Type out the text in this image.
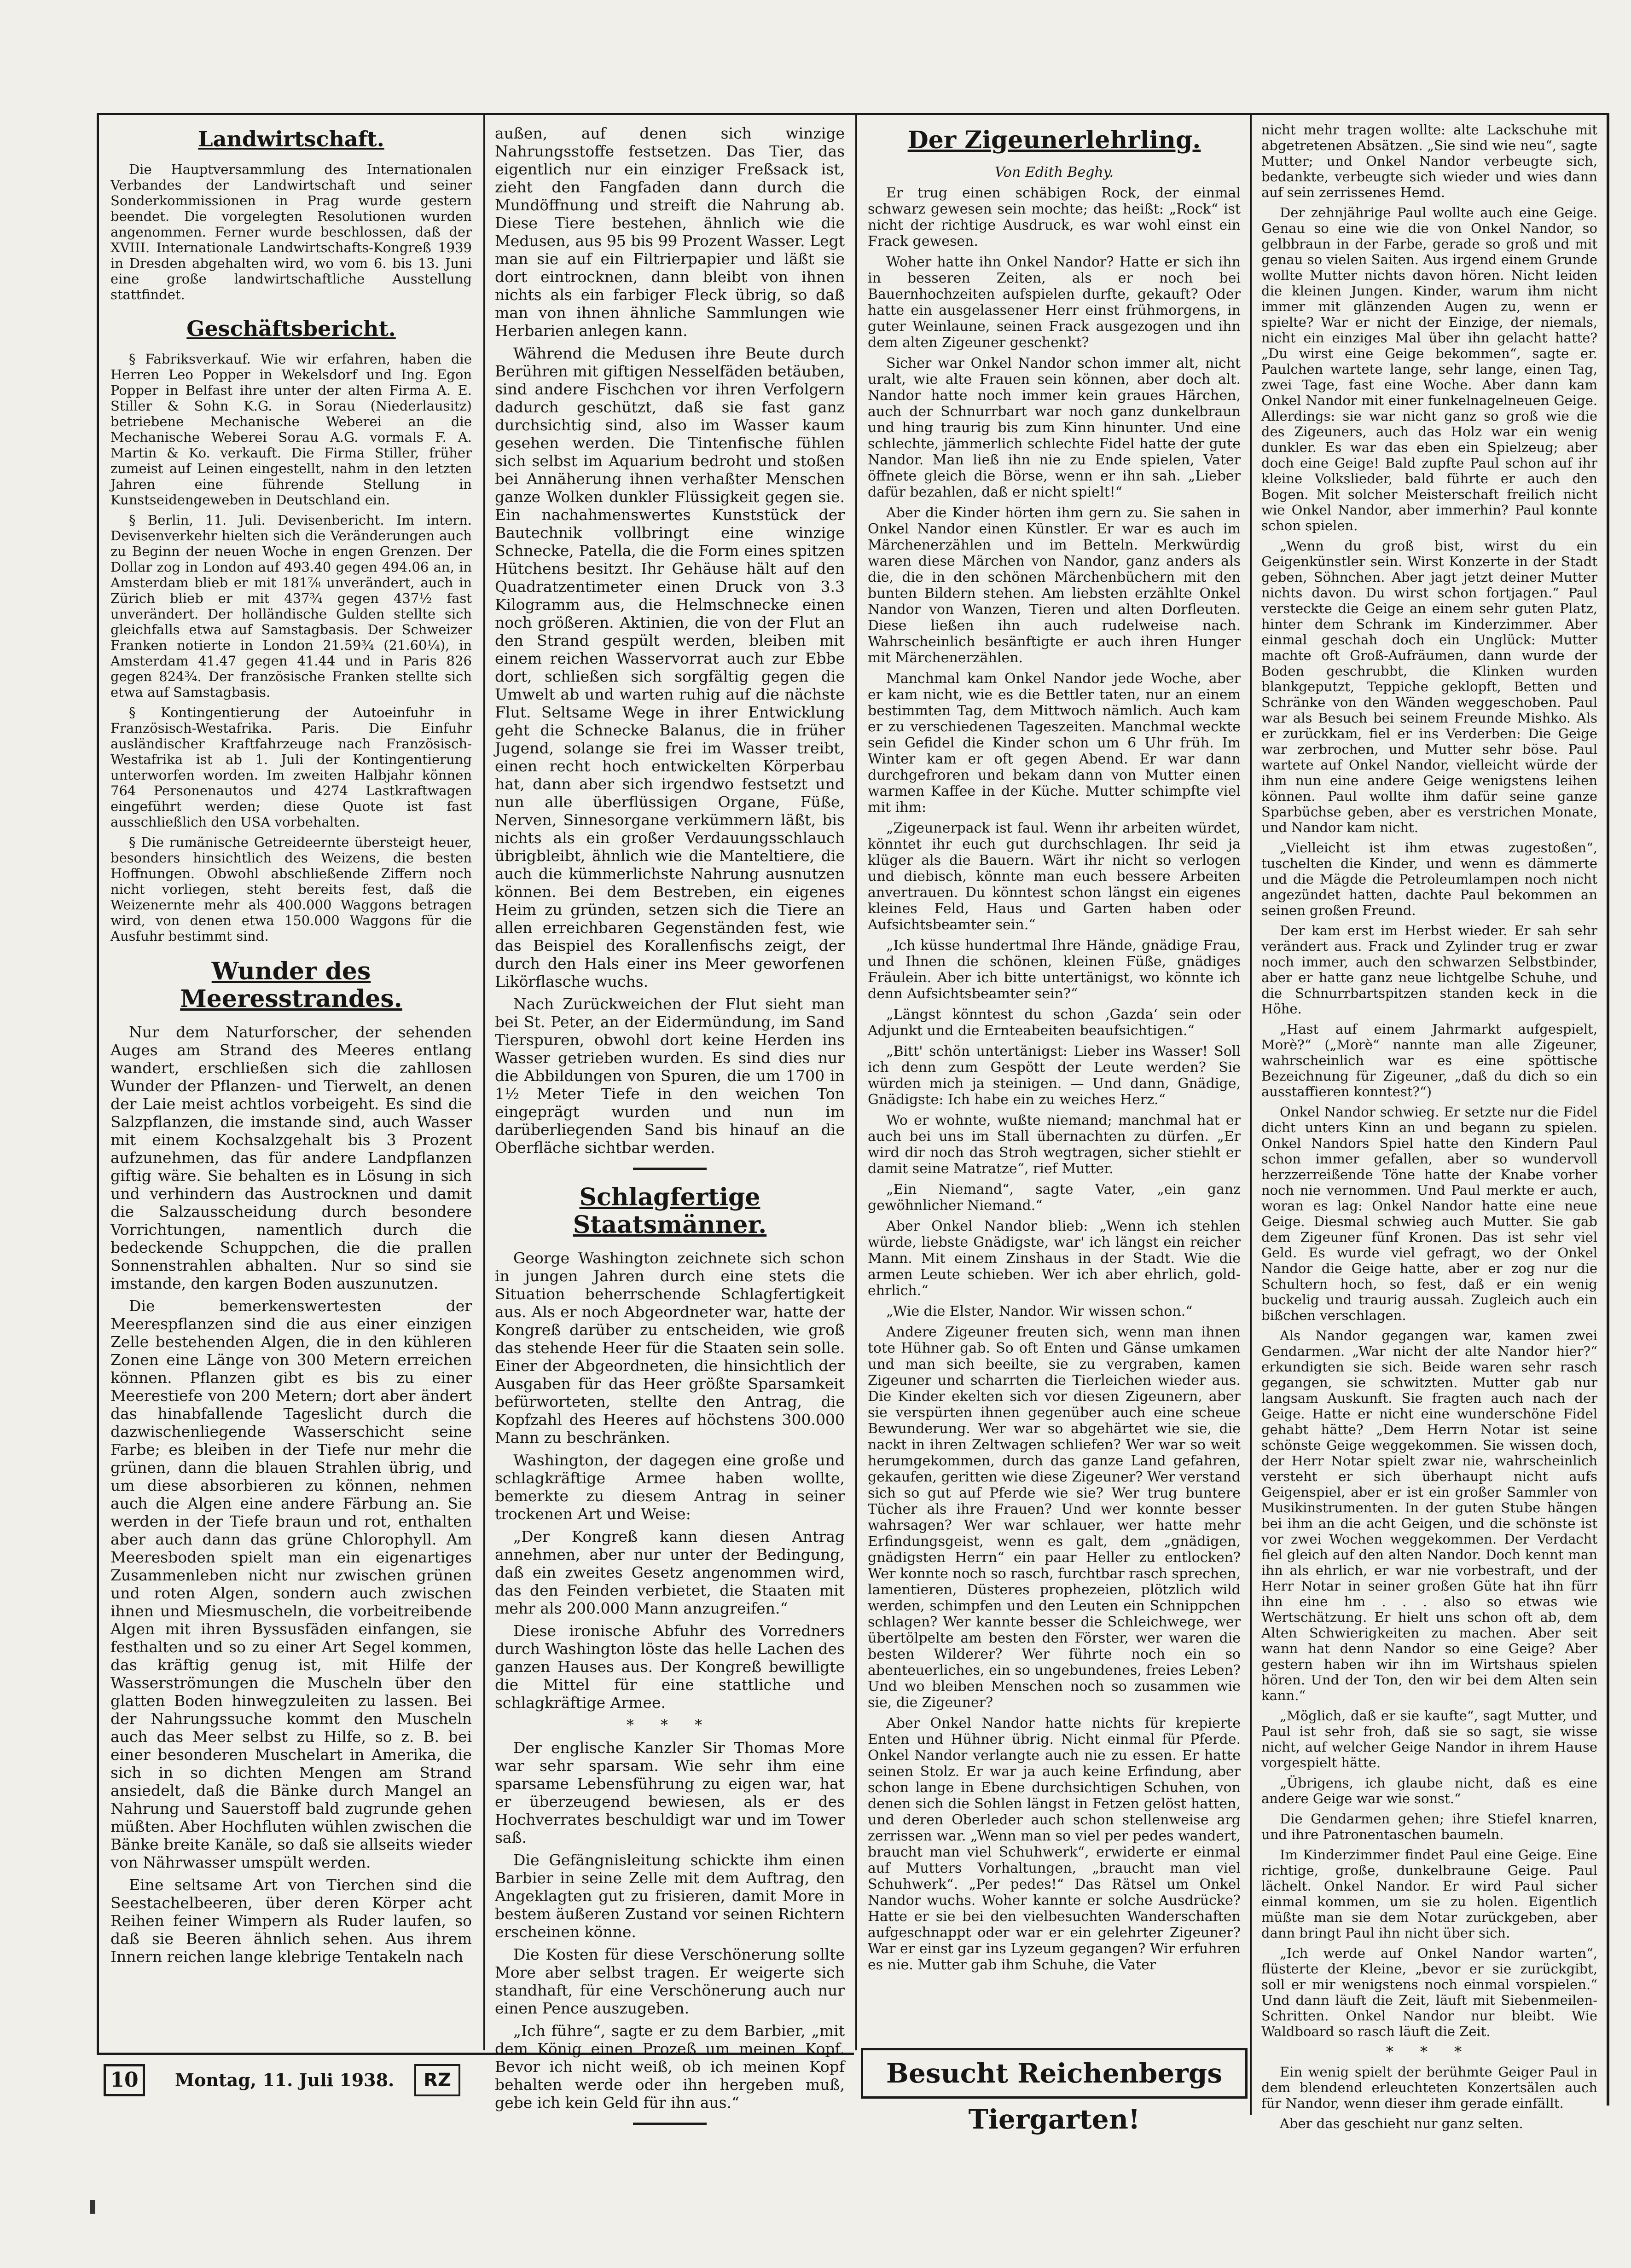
Landwirtschaft.

Die Hauptversammlung des Internationalen Verbandes der Landwirtschaft und seiner Sonderkommissionen in Prag wurde gestern beendet. Die vorgelegten Resolutionen wurden angenommen. Ferner wurde beschlossen, daß der XVIII. Internationale Landwirtschafts-Kongreß 1939 in Dresden abgehalten wird, wo vom 6. bis 13. Juni eine große landwirtschaftliche Ausstellung stattfindet.

Geschäftsbericht.

§ Fabriksverkauf. Wie wir erfahren, haben die Herren Leo Popper in Wekelsdorf und Ing. Egon Popper in Belfast ihre unter der alten Firma A. E. Stiller & Sohn K.G. in Sorau (Niederlausitz) betriebene Mechanische Weberei an die Mechanische Weberei Sorau A.G. vormals F. A. Martin & Ko. verkauft. Die Firma Stiller, früher zumeist auf Leinen eingestellt, nahm in den letzten Jahren eine führende Stellung in Kunstseidengeweben in Deutschland ein.

§ Berlin, 11. Juli. Devisenbericht. Im intern. Devisenverkehr hielten sich die Veränderungen auch zu Beginn der neuen Woche in engen Grenzen. Der Dollar zog in London auf 493.40 gegen 494.06 an, in Amsterdam blieb er mit 181⅞ unverändert, auch in Zürich blieb er mit 437¾ gegen 437½ fast unverändert. Der holländische Gulden stellte sich gleichfalls etwa auf Samstagbasis. Der Schweizer Franken notierte in London 21.59¾ (21.60¼), in Amsterdam 41.47 gegen 41.44 und in Paris 826 gegen 824¾. Der französische Franken stellte sich etwa auf Samstagbasis.

§ Kontingentierung der Autoeinfuhr in Französisch-Westafrika. Paris. Die Einfuhr ausländischer Kraftfahrzeuge nach Französisch-Westafrika ist ab 1. Juli der Kontingentierung unterworfen worden. Im zweiten Halbjahr können 764 Personenautos und 4274 Lastkraftwagen eingeführt werden; diese Quote ist fast ausschließlich den USA vorbehalten.

§ Die rumänische Getreideernte übersteigt heuer, besonders hinsichtlich des Weizens, die besten Hoffnungen. Obwohl abschließende Ziffern noch nicht vorliegen, steht bereits fest, daß die Weizenernte mehr als 400.000 Waggons betragen wird, von denen etwa 150.000 Waggons für die Ausfuhr bestimmt sind.

Wunder des Meeresstrandes.

Nur dem Naturforscher, der sehenden Auges am Strand des Meeres entlang wandert, erschließen sich die zahllosen Wunder der Pflanzen- und Tierwelt, an denen der Laie meist achtlos vorbeigeht. Es sind die Salzpflanzen, die imstande sind, auch Wasser mit einem Kochsalzgehalt bis 3 Prozent aufzunehmen, das für andere Landpflanzen giftig wäre. Sie behalten es in Lösung in sich und verhindern das Austrocknen und damit die Salzausscheidung durch besondere Vorrichtungen, namentlich durch die bedeckende Schuppchen, die die prallen Sonnenstrahlen abhalten. Nur so sind sie imstande, den kargen Boden auszunutzen.

Die bemerkenswertesten der Meerespflanzen sind die aus einer einzigen Zelle bestehenden Algen, die in den kühleren Zonen eine Länge von 300 Metern erreichen können. Pflanzen gibt es bis zu einer Meerestiefe von 200 Metern; dort aber ändert das hinabfallende Tageslicht durch die dazwischenliegende Wasserschicht seine Farbe; es bleiben in der Tiefe nur mehr die grünen, dann die blauen Strahlen übrig, und um diese absorbieren zu können, nehmen auch die Algen eine andere Färbung an. Sie werden in der Tiefe braun und rot, enthalten aber auch dann das grüne Chlorophyll. Am Meeresboden spielt man ein eigenartiges Zusammenleben nicht nur zwischen grünen und roten Algen, sondern auch zwischen ihnen und Miesmuscheln, die vorbeitreibende Algen mit ihren Byssusfäden einfangen, sie festhalten und so zu einer Art Segel kommen, das kräftig genug ist, mit Hilfe der Wasserströmungen die Muscheln über den glatten Boden hinwegzuleiten zu lassen. Bei der Nahrungssuche kommt den Muscheln auch das Meer selbst zu Hilfe, so z. B. bei einer besonderen Muschelart in Amerika, die sich in so dichten Mengen am Strand ansiedelt, daß die Bänke durch Mangel an Nahrung und Sauerstoff bald zugrunde gehen müßten. Aber Hochfluten wühlen zwischen die Bänke breite Kanäle, so daß sie allseits wieder von Nährwasser umspült werden.

Eine seltsame Art von Tierchen sind die Seestachelbeeren, über deren Körper acht Reihen feiner Wimpern als Ruder laufen, so daß sie Beeren ähnlich sehen. Aus ihrem Innern reichen lange klebrige Tentakeln nach

außen, auf denen sich winzige Nahrungsstoffe festsetzen. Das Tier, das eigentlich nur ein einziger Freßsack ist, zieht den Fangfaden dann durch die Mundöffnung und streift die Nahrung ab. Diese Tiere bestehen, ähnlich wie die Medusen, aus 95 bis 99 Prozent Wasser. Legt man sie auf ein Filtrierpapier und läßt sie dort eintrocknen, dann bleibt von ihnen nichts als ein farbiger Fleck übrig, so daß man von ihnen ähnliche Sammlungen wie Herbarien anlegen kann.

Während die Medusen ihre Beute durch Berühren mit giftigen Nesselfäden betäuben, sind andere Fischchen vor ihren Verfolgern dadurch geschützt, daß sie fast ganz durchsichtig sind, also im Wasser kaum gesehen werden. Die Tintenfische fühlen sich selbst im Aquarium bedroht und stoßen bei Annäherung ihnen verhaßter Menschen ganze Wolken dunkler Flüssigkeit gegen sie. Ein nachahmenswertes Kunststück der Bautechnik vollbringt eine winzige Schnecke, Patella, die die Form eines spitzen Hütchens besitzt. Ihr Gehäuse hält auf den Quadratzentimeter einen Druck von 3.3 Kilogramm aus, die Helmschnecke einen noch größeren. Aktinien, die von der Flut an den Strand gespült werden, bleiben mit einem reichen Wasservorrat auch zur Ebbe dort, schließen sich sorgfältig gegen die Umwelt ab und warten ruhig auf die nächste Flut. Seltsame Wege in ihrer Entwicklung geht die Schnecke Balanus, die in früher Jugend, solange sie frei im Wasser treibt, einen recht hoch entwickelten Körperbau hat, dann aber sich irgendwo festsetzt und nun alle überflüssigen Organe, Füße, Nerven, Sinnesorgane verkümmern läßt, bis nichts als ein großer Verdauungsschlauch übrigbleibt, ähnlich wie die Manteltiere, die auch die kümmerlichste Nahrung ausnutzen können. Bei dem Bestreben, ein eigenes Heim zu gründen, setzen sich die Tiere an allen erreichbaren Gegenständen fest, wie das Beispiel des Korallenfischs zeigt, der durch den Hals einer ins Meer geworfenen Likörflasche wuchs.

Nach Zurückweichen der Flut sieht man bei St. Peter, an der Eidermündung, im Sand Tierspuren, obwohl dort keine Herden ins Wasser getrieben wurden. Es sind dies nur die Abbildungen von Spuren, die um 1700 in 1½ Meter Tiefe in den weichen Ton eingeprägt wurden und nun im darüberliegenden Sand bis hinauf an die Oberfläche sichtbar werden.

Schlagfertige Staatsmänner.

George Washington zeichnete sich schon in jungen Jahren durch eine stets die Situation beherrschende Schlagfertigkeit aus. Als er noch Abgeordneter war, hatte der Kongreß darüber zu entscheiden, wie groß das stehende Heer für die Staaten sein solle. Einer der Abgeordneten, die hinsichtlich der Ausgaben für das Heer größte Sparsamkeit befürworteten, stellte den Antrag, die Kopfzahl des Heeres auf höchstens 300.000 Mann zu beschränken.

Washington, der dagegen eine große und schlagkräftige Armee haben wollte, bemerkte zu diesem Antrag in seiner trockenen Art und Weise:

„Der Kongreß kann diesen Antrag annehmen, aber nur unter der Bedingung, daß ein zweites Gesetz angenommen wird, das den Feinden verbietet, die Staaten mit mehr als 200.000 Mann anzugreifen.“

Diese ironische Abfuhr des Vorredners durch Washington löste das helle Lachen des ganzen Hauses aus. Der Kongreß bewilligte die Mittel für eine stattliche und schlagkräftige Armee.

* * *

Der englische Kanzler Sir Thomas More war sehr sparsam. Wie sehr ihm eine sparsame Lebensführung zu eigen war, hat er überzeugend bewiesen, als er des Hochverrates beschuldigt war und im Tower saß.

Die Gefängnisleitung schickte ihm einen Barbier in seine Zelle mit dem Auftrag, den Angeklagten gut zu frisieren, damit More in bestem äußeren Zustand vor seinen Richtern erscheinen könne.

Die Kosten für diese Verschönerung sollte More aber selbst tragen. Er weigerte sich standhaft, für eine Verschönerung auch nur einen Pence auszugeben.

„Ich führe“, sagte er zu dem Barbier, „mit dem König einen Prozeß um meinen Kopf. Bevor ich nicht weiß, ob ich meinen Kopf behalten werde oder ihn hergeben muß, gebe ich kein Geld für ihn aus.“

Der Zigeunerlehrling.

Von Edith Beghy.

Er trug einen schäbigen Rock, der einmal schwarz gewesen sein mochte; das heißt: „Rock“ ist nicht der richtige Ausdruck, es war wohl einst ein Frack gewesen.

Woher hatte ihn Onkel Nandor? Hatte er sich ihn in besseren Zeiten, als er noch bei Bauernhochzeiten aufspielen durfte, gekauft? Oder hatte ein ausgelassener Herr einst frühmorgens, in guter Weinlaune, seinen Frack ausgezogen und ihn dem alten Zigeuner geschenkt?

Sicher war Onkel Nandor schon immer alt, nicht uralt, wie alte Frauen sein können, aber doch alt. Nandor hatte noch immer kein graues Härchen, auch der Schnurrbart war noch ganz dunkelbraun und hing traurig bis zum Kinn hinunter. Und eine schlechte, jämmerlich schlechte Fidel hatte der gute Nandor. Man ließ ihn nie zu Ende spielen, Vater öffnete gleich die Börse, wenn er ihn sah. „Lieber dafür bezahlen, daß er nicht spielt!“

Aber die Kinder hörten ihm gern zu. Sie sahen in Onkel Nandor einen Künstler. Er war es auch im Märchenerzählen und im Betteln. Merkwürdig waren diese Märchen von Nandor, ganz anders als die, die in den schönen Märchenbüchern mit den bunten Bildern stehen. Am liebsten erzählte Onkel Nandor von Wanzen, Tieren und alten Dorfleuten. Diese ließen ihn auch rudelweise nach. Wahrscheinlich besänftigte er auch ihren Hunger mit Märchenerzählen.

Manchmal kam Onkel Nandor jede Woche, aber er kam nicht, wie es die Bettler taten, nur an einem bestimmten Tag, dem Mittwoch nämlich. Auch kam er zu verschiedenen Tageszeiten. Manchmal weckte sein Gefidel die Kinder schon um 6 Uhr früh. Im Winter kam er oft gegen Abend. Er war dann durchgefroren und bekam dann von Mutter einen warmen Kaffee in der Küche. Mutter schimpfte viel mit ihm:

„Zigeunerpack ist faul. Wenn ihr arbeiten würdet, könntet ihr euch gut durchschlagen. Ihr seid ja klüger als die Bauern. Wärt ihr nicht so verlogen und diebisch, könnte man euch bessere Arbeiten anvertrauen. Du könntest schon längst ein eigenes kleines Feld, Haus und Garten haben oder Aufsichtsbeamter sein.“

„Ich küsse hundertmal Ihre Hände, gnädige Frau, und Ihnen die schönen, kleinen Füße, gnädiges Fräulein. Aber ich bitte untertänigst, wo könnte ich denn Aufsichtsbeamter sein?“

„Längst könntest du schon ‚Gazda‘ sein oder Adjunkt und die Ernteabeiten beaufsichtigen.“

„Bitt' schön untertänigst: Lieber ins Wasser! Soll ich denn zum Gespött der Leute werden? Sie würden mich ja steinigen. — Und dann, Gnädige, Gnädigste: Ich habe ein zu weiches Herz.“

Wo er wohnte, wußte niemand; manchmal hat er auch bei uns im Stall übernachten zu dürfen. „Er wird dir noch das Stroh wegtragen, sicher stiehlt er damit seine Matratze“, rief Mutter.

„Ein Niemand“, sagte Vater, „ein ganz gewöhnlicher Niemand.“

Aber Onkel Nandor blieb: „Wenn ich stehlen würde, liebste Gnädigste, war' ich längst ein reicher Mann. Mit einem Zinshaus in der Stadt. Wie die armen Leute schieben. Wer ich aber ehrlich, gold-ehrlich.“

„Wie die Elster, Nandor. Wir wissen schon.“

Andere Zigeuner freuten sich, wenn man ihnen tote Hühner gab. So oft Enten und Gänse umkamen und man sich beeilte, sie zu vergraben, kamen Zigeuner und scharrten die Tierleichen wieder aus. Die Kinder ekelten sich vor diesen Zigeunern, aber sie verspürten ihnen gegenüber auch eine scheue Bewunderung. Wer war so abgehärtet wie sie, die nackt in ihren Zeltwagen schliefen? Wer war so weit herumgekommen, durch das ganze Land gefahren, gekaufen, geritten wie diese Zigeuner? Wer verstand sich so gut auf Pferde wie sie? Wer trug buntere Tücher als ihre Frauen? Und wer konnte besser wahrsagen? Wer war schlauer, wer hatte mehr Erfindungsgeist, wenn es galt, dem „gnädigen, gnädigsten Herrn“ ein paar Heller zu entlocken? Wer konnte noch so rasch, furchtbar rasch sprechen, lamentieren, Düsteres prophezeien, plötzlich wild werden, schimpfen und den Leuten ein Schnippchen schlagen? Wer kannte besser die Schleichwege, wer übertölpelte am besten den Förster, wer waren die besten Wilderer? Wer führte noch ein so abenteuerliches, ein so ungebundenes, freies Leben? Und wo bleiben Menschen noch so zusammen wie sie, die Zigeuner?

Aber Onkel Nandor hatte nichts für krepierte Enten und Hühner übrig. Nicht einmal für Pferde. Onkel Nandor verlangte auch nie zu essen. Er hatte seinen Stolz. Er war ja auch keine Erfindung, aber schon lange in Ebene durchsichtigen Schuhen, von denen sich die Sohlen längst in Fetzen gelöst hatten, und deren Oberleder auch schon stellenweise arg zerrissen war. „Wenn man so viel per pedes wandert, braucht man viel Schuhwerk“, erwiderte er einmal auf Mutters Vorhaltungen, „braucht man viel Schuhwerk“. „Per pedes!“ Das Rätsel um Onkel Nandor wuchs. Woher kannte er solche Ausdrücke? Hatte er sie bei den vielbesuchten Wanderschaften aufgeschnappt oder war er ein gelehrter Zigeuner? War er einst gar ins Lyzeum gegangen? Wir erfuhren es nie. Mutter gab ihm Schuhe, die Vater

nicht mehr tragen wollte: alte Lackschuhe mit abgetretenen Absätzen. „Sie sind wie neu“, sagte Mutter; und Onkel Nandor verbeugte sich, bedankte, verbeugte sich wieder und wies dann auf sein zerrissenes Hemd.

Der zehnjährige Paul wollte auch eine Geige. Genau so eine wie die von Onkel Nandor, so gelbbraun in der Farbe, gerade so groß und mit genau so vielen Saiten. Aus irgend einem Grunde wollte Mutter nichts davon hören. Nicht leiden die kleinen Jungen. Kinder, warum ihm nicht immer mit glänzenden Augen zu, wenn er spielte? War er nicht der Einzige, der niemals, nicht ein einziges Mal über ihn gelacht hatte? „Du wirst eine Geige bekommen“, sagte er. Paulchen wartete lange, sehr lange, einen Tag, zwei Tage, fast eine Woche. Aber dann kam Onkel Nandor mit einer funkelnagelneuen Geige. Allerdings: sie war nicht ganz so groß wie die des Zigeuners, auch das Holz war ein wenig dunkler. Es war das eben ein Spielzeug; aber doch eine Geige! Bald zupfte Paul schon auf ihr kleine Volkslieder, bald führte er auch den Bogen. Mit solcher Meisterschaft freilich nicht wie Onkel Nandor, aber immerhin? Paul konnte schon spielen.

„Wenn du groß bist, wirst du ein Geigenkünstler sein. Wirst Konzerte in der Stadt geben, Söhnchen. Aber jagt jetzt deiner Mutter nichts davon. Du wirst schon fortjagen.“ Paul versteckte die Geige an einem sehr guten Platz, hinter dem Schrank im Kinderzimmer. Aber einmal geschah doch ein Unglück: Mutter machte oft Groß-Aufräumen, dann wurde der Boden geschrubbt, die Klinken wurden blankgeputzt, Teppiche geklopft, Betten und Schränke von den Wänden weggeschoben. Paul war als Besuch bei seinem Freunde Mishko. Als er zurückkam, fiel er ins Verderben: Die Geige war zerbrochen, und Mutter sehr böse. Paul wartete auf Onkel Nandor, vielleicht würde der ihm nun eine andere Geige wenigstens leihen können. Paul wollte ihm dafür seine ganze Sparbüchse geben, aber es verstrichen Monate, und Nandor kam nicht.

„Vielleicht ist ihm etwas zugestoßen“, tuschelten die Kinder, und wenn es dämmerte und die Mägde die Petroleumlampen noch nicht angezündet hatten, dachte Paul bekommen an seinen großen Freund.

Der kam erst im Herbst wieder. Er sah sehr verändert aus. Frack und Zylinder trug er zwar noch immer, auch den schwarzen Selbstbinder, aber er hatte ganz neue lichtgelbe Schuhe, und die Schnurrbartspitzen standen keck in die Höhe.

„Hast auf einem Jahrmarkt aufgespielt, Morè?“ („Morè“ nannte man alle Zigeuner, wahrscheinlich war es eine spöttische Bezeichnung für Zigeuner, „daß du dich so ein ausstaffieren konntest?“)

Onkel Nandor schwieg. Er setzte nur die Fidel dicht unters Kinn an und begann zu spielen. Onkel Nandors Spiel hatte den Kindern Paul schon immer gefallen, aber so wundervoll herzzerreißende Töne hatte der Knabe vorher noch nie vernommen. Und Paul merkte er auch, woran es lag: Onkel Nandor hatte eine neue Geige. Diesmal schwieg auch Mutter. Sie gab dem Zigeuner fünf Kronen. Das ist sehr viel Geld. Es wurde viel gefragt, wo der Onkel Nandor die Geige hatte, aber er zog nur die Schultern hoch, so fest, daß er ein wenig buckelig und traurig aussah. Zugleich auch ein bißchen verschlagen.

Als Nandor gegangen war, kamen zwei Gendarmen. „War nicht der alte Nandor hier?“ erkundigten sie sich. Beide waren sehr rasch gegangen, sie schwitzten. Mutter gab nur langsam Auskunft. Sie fragten auch nach der Geige. Hatte er nicht eine wunderschöne Fidel gehabt hätte? „Dem Herrn Notar ist seine schönste Geige weggekommen. Sie wissen doch, der Herr Notar spielt zwar nie, wahrscheinlich versteht er sich überhaupt nicht aufs Geigenspiel, aber er ist ein großer Sammler von Musikinstrumenten. In der guten Stube hängen bei ihm an die acht Geigen, und die schönste ist vor zwei Wochen weggekommen. Der Verdacht fiel gleich auf den alten Nandor. Doch kennt man ihn als ehrlich, er war nie vorbestraft, und der Herr Notar in seiner großen Güte hat ihn fürr ihn eine hm . . . also so etwas wie Wertschätzung. Er hielt uns schon oft ab, dem Alten Schwierigkeiten zu machen. Aber seit wann hat denn Nandor so eine Geige? Aber gestern haben wir ihn im Wirtshaus spielen hören. Und der Ton, den wir bei dem Alten sein kann.“

„Möglich, daß er sie kaufte“, sagt Mutter, und Paul ist sehr froh, daß sie so sagt, sie wisse nicht, auf welcher Geige Nandor in ihrem Hause vorgespielt hätte.

„Übrigens, ich glaube nicht, daß es eine andere Geige war wie sonst.“

Die Gendarmen gehen; ihre Stiefel knarren, und ihre Patronentaschen baumeln.

Im Kinderzimmer findet Paul eine Geige. Eine richtige, große, dunkelbraune Geige. Paul lächelt. Onkel Nandor. Er wird Paul sicher einmal kommen, um sie zu holen. Eigentlich müßte man sie dem Notar zurückgeben, aber dann bringt Paul ihn nicht über sich.

„Ich werde auf Onkel Nandor warten“, flüsterte der Kleine, „bevor er sie zurückgibt, soll er mir wenigstens noch einmal vorspielen.“ Und dann läuft die Zeit, läuft mit Siebenmeilen-Schritten. Onkel Nandor nur bleibt. Wie Waldboard so rasch läuft die Zeit.

* * *

Ein wenig spielt der berühmte Geiger Paul in dem blendend erleuchteten Konzertsälen auch für Nandor, wenn dieser ihm gerade einfällt.

Aber das geschieht nur ganz selten.

10	Montag, 11. Juli 1938.	RZ	Besucht Reichenbergs Tiergarten!
